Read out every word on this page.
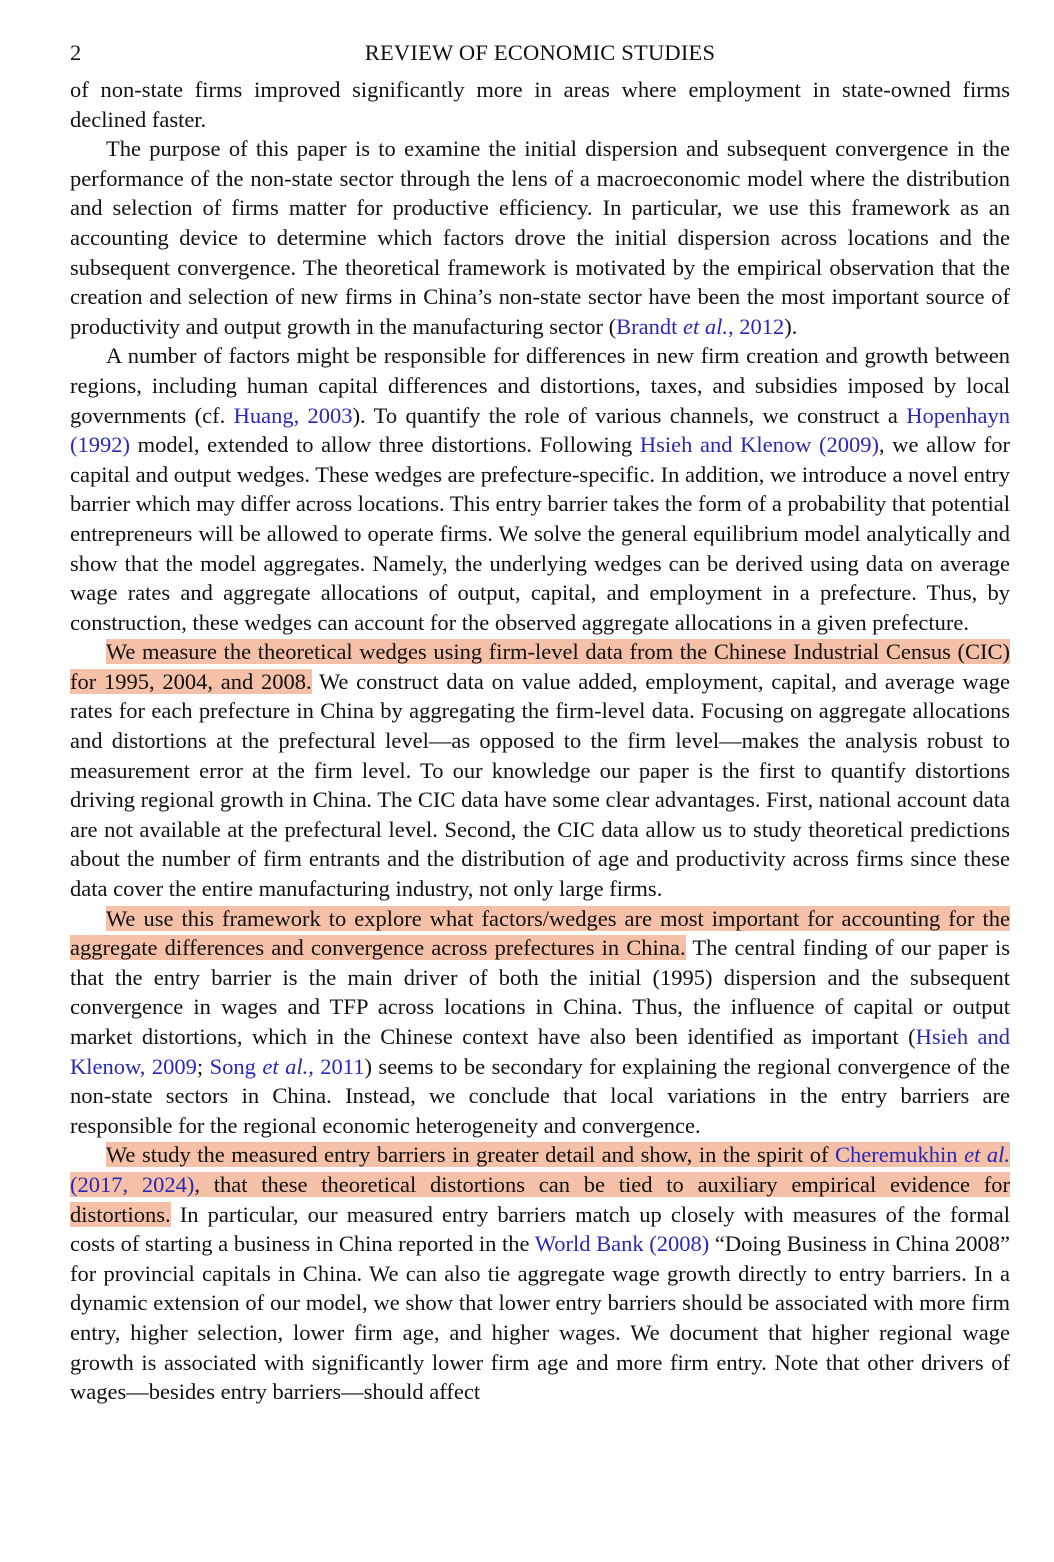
2	REVIEW OF ECONOMIC STUDIES

of non-state firms improved significantly more in areas where employment in state-owned firms declined faster.

The purpose of this paper is to examine the initial dispersion and subsequent convergence in the performance of the non-state sector through the lens of a macroeconomic model where the distribution and selection of firms matter for productive efficiency. In particular, we use this framework as an accounting device to determine which factors drove the initial dispersion across locations and the subsequent convergence. The theoretical framework is motivated by the empirical observation that the creation and selection of new firms in China’s non-state sector have been the most important source of productivity and output growth in the manufacturing sector (Brandt et al., 2012).

A number of factors might be responsible for differences in new firm creation and growth between regions, including human capital differences and distortions, taxes, and subsidies imposed by local governments (cf. Huang, 2003). To quantify the role of various channels, we construct a Hopenhayn (1992) model, extended to allow three distortions. Following Hsieh and Klenow (2009), we allow for capital and output wedges. These wedges are prefecture-specific. In addition, we introduce a novel entry barrier which may differ across locations. This entry barrier takes the form of a probability that potential entrepreneurs will be allowed to operate firms. We solve the general equilibrium model analytically and show that the model aggregates. Namely, the underlying wedges can be derived using data on average wage rates and aggregate allocations of output, capital, and employment in a prefecture. Thus, by construction, these wedges can account for the observed aggregate allocations in a given prefecture.

We measure the theoretical wedges using firm-level data from the Chinese Industrial Census (CIC) for 1995, 2004, and 2008. We construct data on value added, employment, capital, and average wage rates for each prefecture in China by aggregating the firm-level data. Focusing on aggregate allocations and distortions at the prefectural level—as opposed to the firm level—makes the analysis robust to measurement error at the firm level. To our knowledge our paper is the first to quantify distortions driving regional growth in China. The CIC data have some clear advantages. First, national account data are not available at the prefectural level. Second, the CIC data allow us to study theoretical predictions about the number of firm entrants and the distribution of age and productivity across firms since these data cover the entire manufacturing industry, not only large firms.

We use this framework to explore what factors/wedges are most important for accounting for the aggregate differences and convergence across prefectures in China. The central finding of our paper is that the entry barrier is the main driver of both the initial (1995) dispersion and the subsequent convergence in wages and TFP across locations in China. Thus, the influence of capital or output market distortions, which in the Chinese context have also been identified as important (Hsieh and Klenow, 2009; Song et al., 2011) seems to be secondary for explaining the regional convergence of the non-state sectors in China. Instead, we conclude that local variations in the entry barriers are responsible for the regional economic heterogeneity and convergence.

We study the measured entry barriers in greater detail and show, in the spirit of Cheremukhin et al. (2017, 2024), that these theoretical distortions can be tied to auxiliary empirical evidence for distortions. In particular, our measured entry barriers match up closely with measures of the formal costs of starting a business in China reported in the World Bank (2008) “Doing Business in China 2008” for provincial capitals in China. We can also tie aggregate wage growth directly to entry barriers. In a dynamic extension of our model, we show that lower entry barriers should be associated with more firm entry, higher selection, lower firm age, and higher wages. We document that higher regional wage growth is associated with significantly lower firm age and more firm entry. Note that other drivers of wages—besides entry barriers—should affect
